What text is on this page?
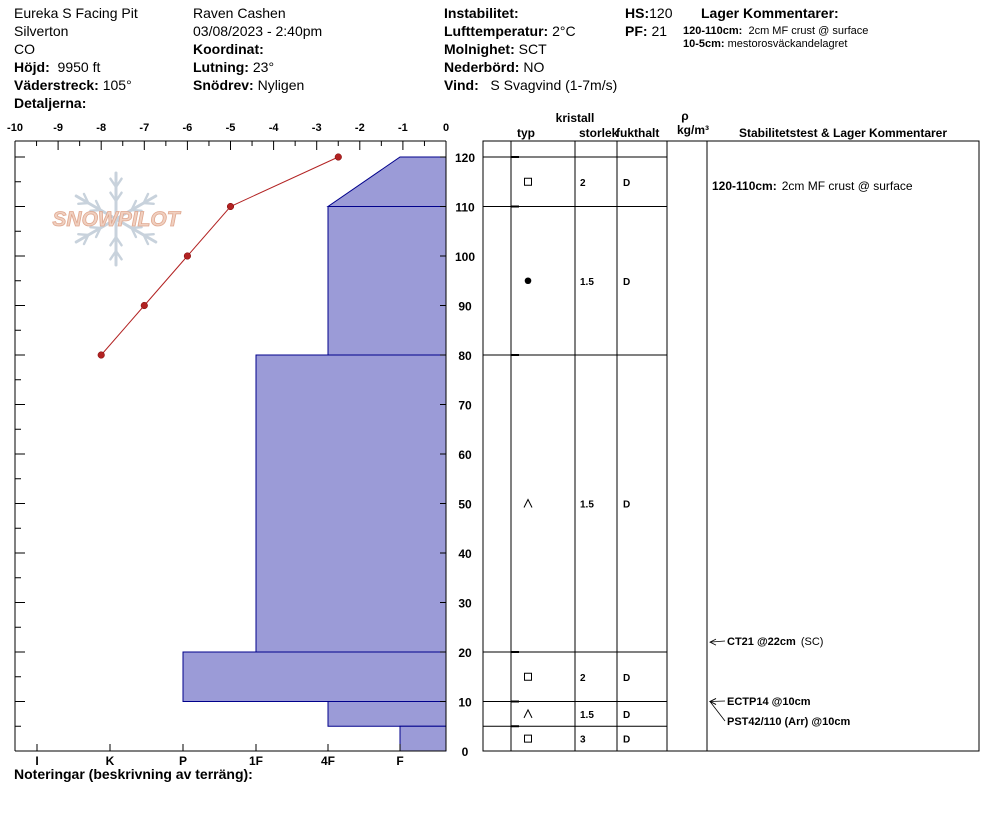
Eureka S Facing Pit
Silverton
CO
Höjd: 9950 ft
Väderstreck: 105°
Detaljerna:
Raven Cashen
03/08/2023 - 2:40pm
Koordinat:
Lutning: 23°
Snödrev: Nyligen
Instabilitet:
Lufttemperatur: 2°C
Molnighet: SCT
Nederbörd: NO
Vind: S Svagvind (1-7m/s)
HS:120
PF: 21
Lager Kommentarer:
120-110cm: 2cm MF crust @ surface
10-5cm: mestorosväckandelagret
SNOWPILOT
-10	-9	-8	-7	-6	-5	-4	-3	-2	-1	0
I	K	P	1F	4F	F
0
10
20
30
40
50
60
70
80
90
100
110
120
kristall
typ	storlek
fukthalt
ρ
kg/m³ Stabilitetstest & Lager Kommentarer
2	D
1.5	D
1.5	D
2	D
1.5	D
3	D
120-110cm: 2cm MF crust @ surface
CT21 @22cm (SC)
ECTP14 @10cm
PST42/110 (Arr) @10cm
Noteringar (beskrivning av terräng):
